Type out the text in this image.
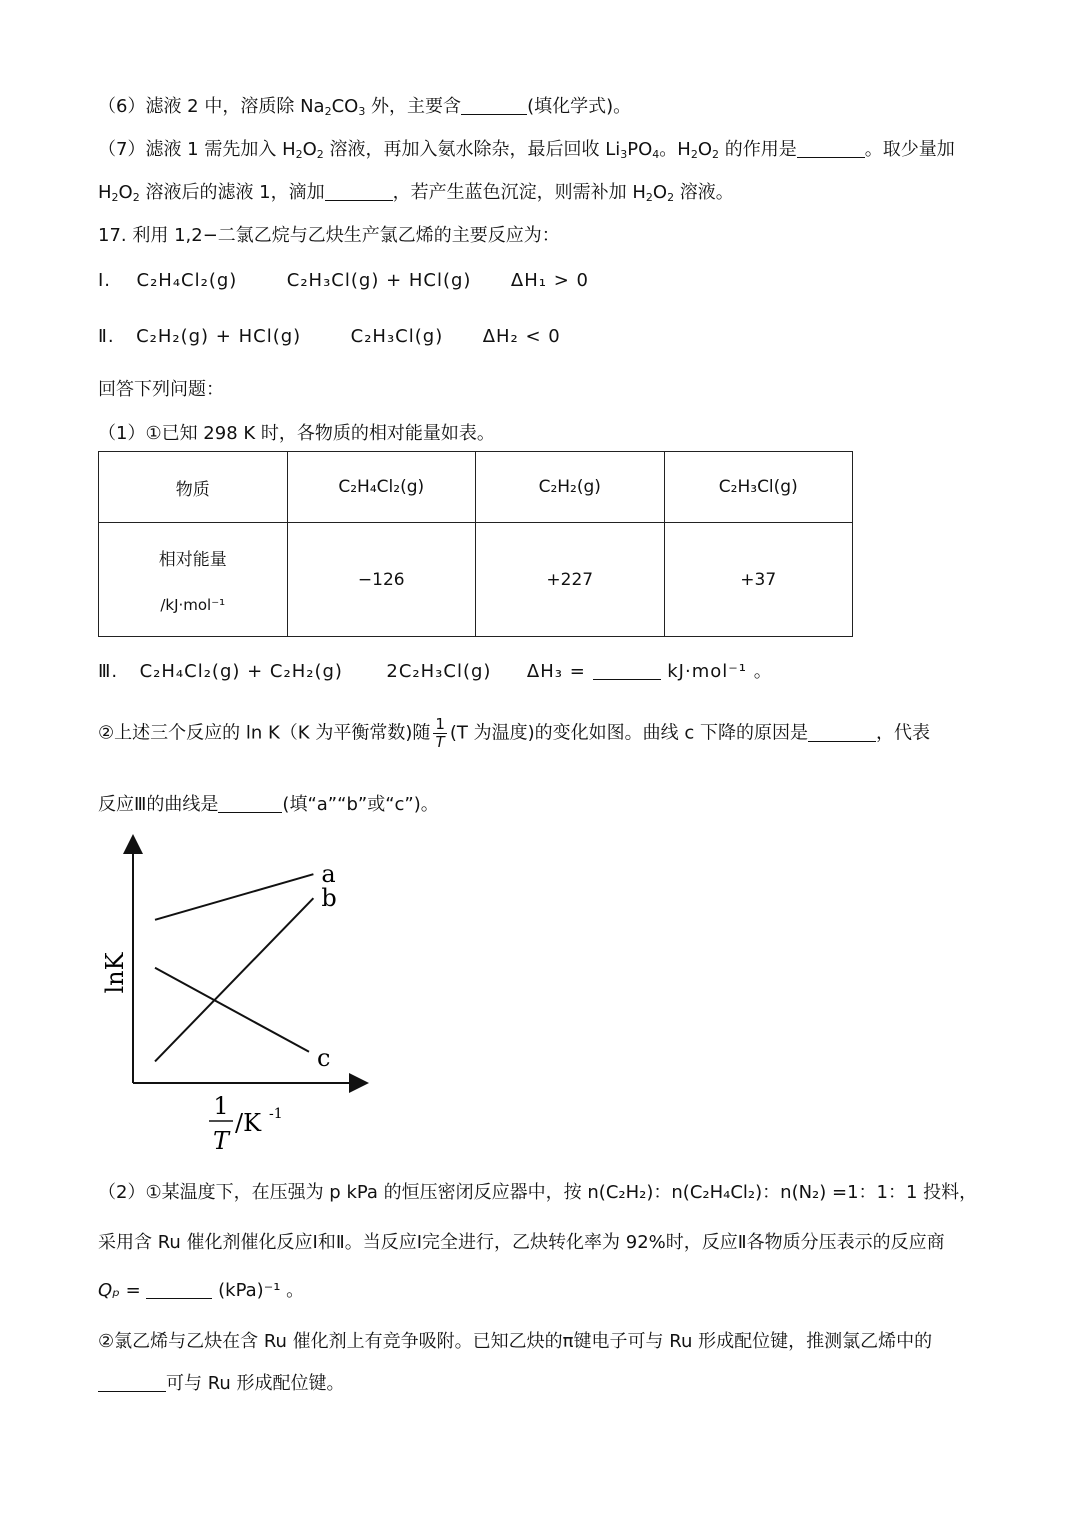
（6）滤液 2 中，溶质除 $Na_2CO_3$ 外，主要含	(填化学式)。
（7）滤液 1 需先加入 $H_2O_2$ 溶液，再加入氨水除杂，最后回收 $Li_3PO_4$。$H_2O_2$ 的作用是	。取少量加
$H_2O_2$ 溶液后的滤液 1，滴加	，若产生蓝色沉淀，则需补加 $H_2O_2$ 溶液。
17. 利用 1,2−二氯乙烷与乙炔生产氯乙烯的主要反应为：
Ⅰ. C₂H₄Cl₂(g)	C₂H₃Cl(g) + HCl(g) ΔH₁ > 0
Ⅱ. C₂H₂(g) + HCl(g)	C₂H₃Cl(g) ΔH₂ < 0
回答下列问题：
（1）①已知 298 K 时，各物质的相对能量如表。
物质	C₂H₄Cl₂(g)	C₂H₂(g)	C₂H₃Cl(g)
相对能量
/kJ·mol⁻¹	−126	+227	+37
Ⅲ. C₂H₄Cl₂(g) + C₂H₂(g) 2C₂H₃Cl(g) ΔH₃ =	kJ·mol⁻¹ 。
②上述三个反应的 ln K（K 为平衡常数)随 $\frac{1}{T} (T$ 为温度)的变化如图。曲线 c 下降的原因是	，代表
反应Ⅲ的曲线是	(填“a”“b”或“c”)。
a
b
c
lnK
1
T
/K -1
（2）①某温度下，在压强为 p kPa 的恒压密闭反应器中，按 n(C₂H₂)：n(C₂H₄Cl₂)：n(N₂) =1：1：1 投料，
采用含 Ru 催化剂催化反应Ⅰ和Ⅱ。当反应Ⅰ完全进行，乙炔转化率为 92%时，反应Ⅱ各物质分压表示的反应商
Qₚ =	(kPa)⁻¹ 。
②氯乙烯与乙炔在含 Ru 催化剂上有竞争吸附。已知乙炔的π键电子可与 Ru 形成配位键，推测氯乙烯中的
可与 Ru 形成配位键。
